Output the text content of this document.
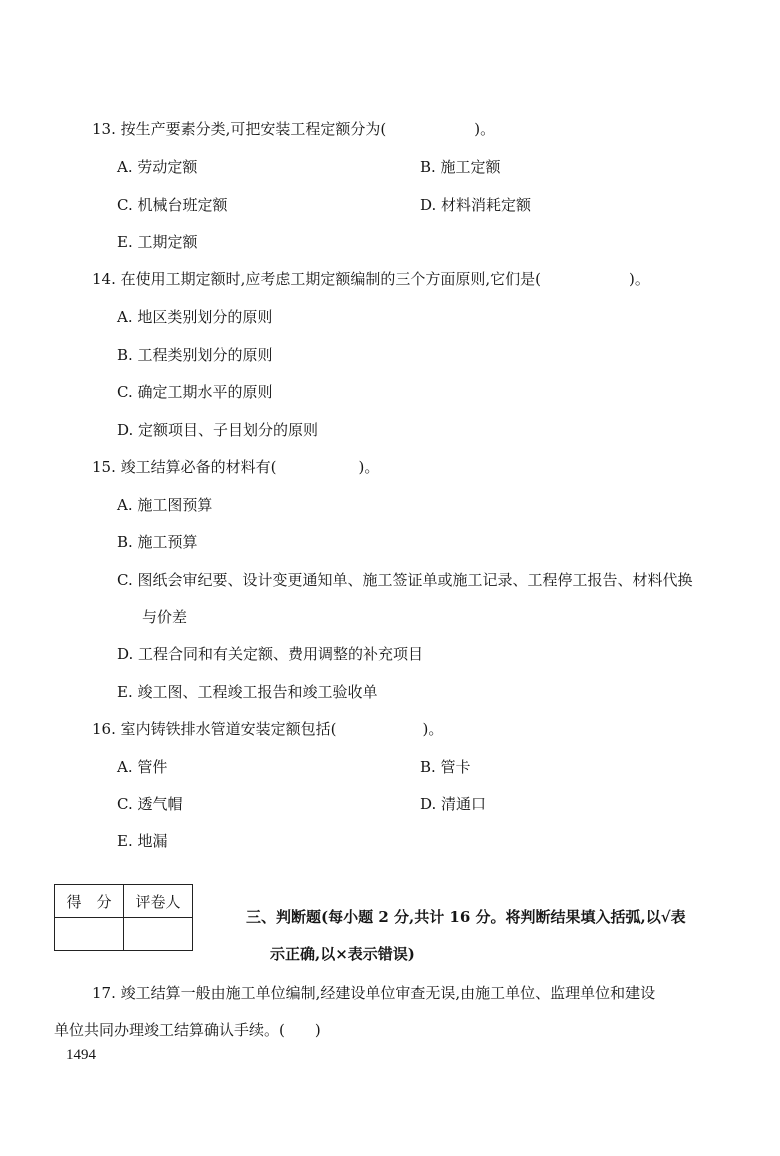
13. 按生产要素分类,可把安装工程定额分为(	)。
A. 劳动定额	B. 施工定额
C. 机械台班定额	D. 材料消耗定额
E. 工期定额
14. 在使用工期定额时,应考虑工期定额编制的三个方面原则,它们是(	)。
A. 地区类别划分的原则
B. 工程类别划分的原则
C. 确定工期水平的原则
D. 定额项目、子目划分的原则
15. 竣工结算必备的材料有(	)。
A. 施工图预算
B. 施工预算
C. 图纸会审纪要、设计变更通知单、施工签证单或施工记录、工程停工报告、材料代换
与价差
D. 工程合同和有关定额、费用调整的补充项目
E. 竣工图、工程竣工报告和竣工验收单
16. 室内铸铁排水管道安装定额包括(	)。
A. 管件	B. 管卡
C. 透气帽	D. 清通口
E. 地漏
得　分	评卷人

三、判断题(每小题 2 分,共计 16 分。将判断结果填入括弧,以√表
示正确,以×表示错误)
17. 竣工结算一般由施工单位编制,经建设单位审查无误,由施工单位、监理单位和建设
单位共同办理竣工结算确认手续。(　　)
1494
